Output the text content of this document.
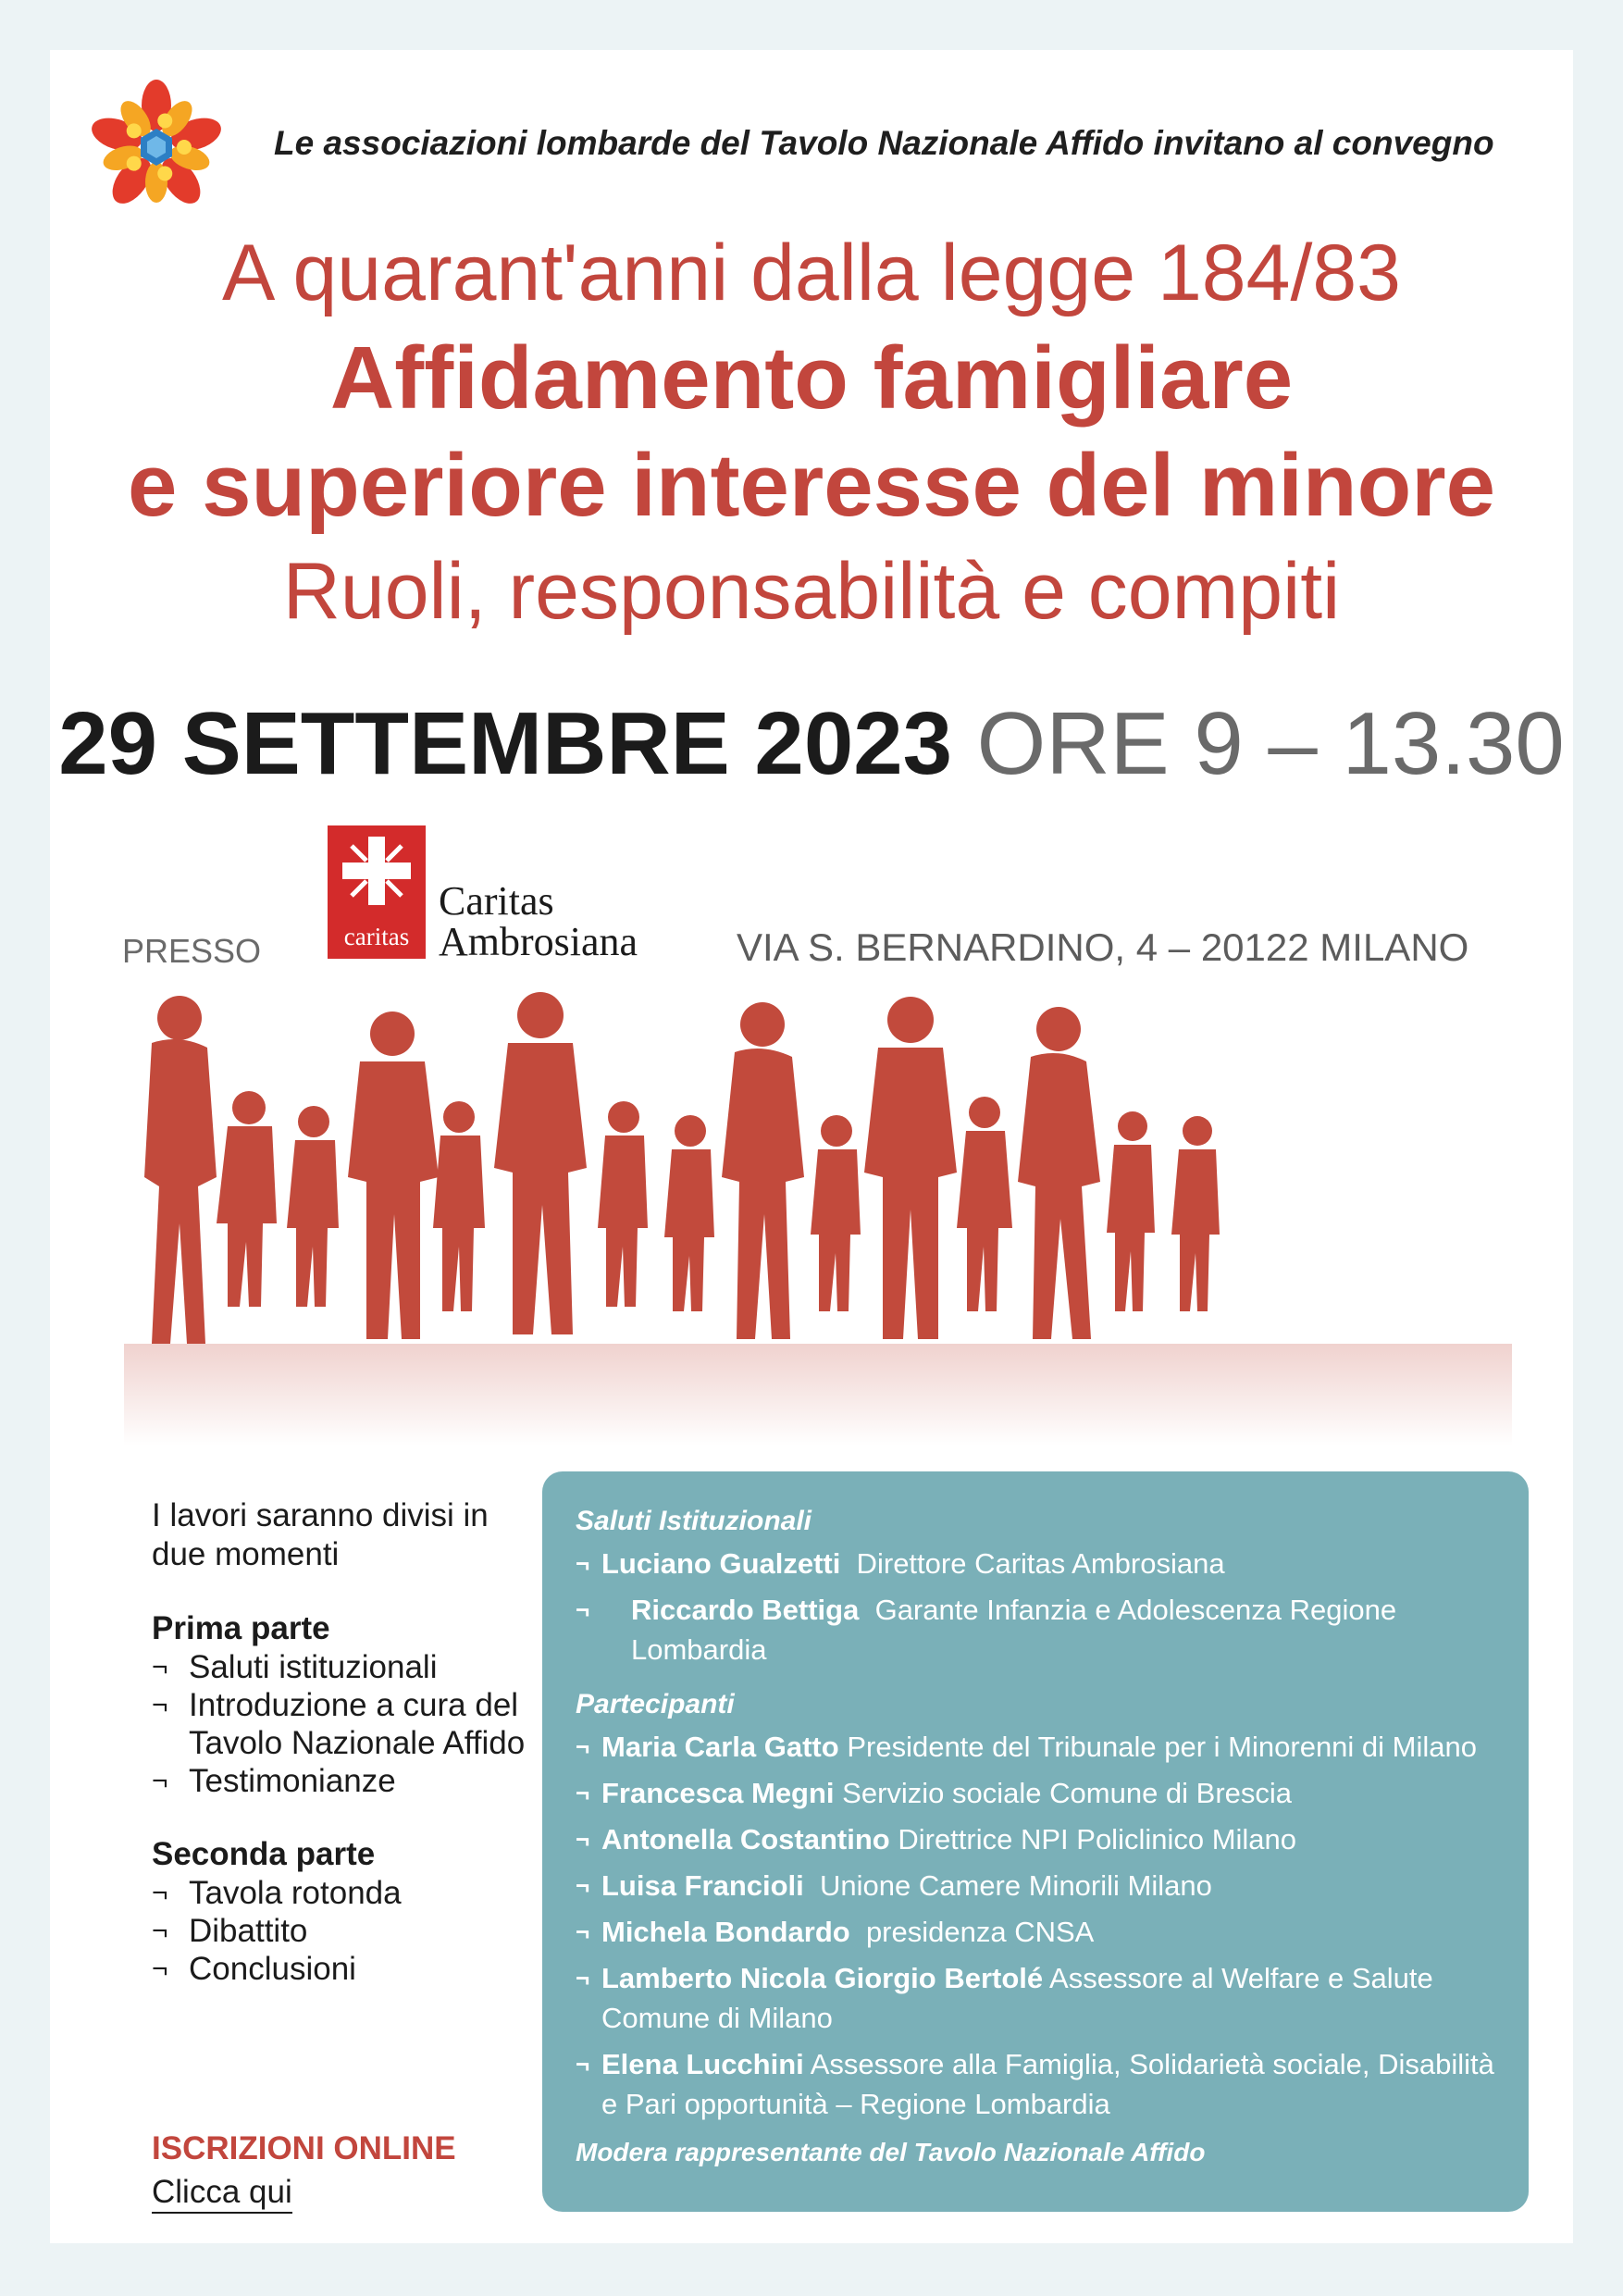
Le associazioni lombarde del Tavolo Nazionale Affido invitano al convegno
A quarant'anni dalla legge 184/83
Affidamento famigliare
e superiore interesse del minore
Ruoli, responsabilità e compiti
29 SETTEMBRE 2023 ORE 9 – 13.30
PRESSO	caritas
Caritas
Ambrosiana	VIA S. BERNARDINO, 4 – 20122 MILANO
I lavori saranno divisi in due momenti
Prima parte
¬ Saluti istituzionali
¬ Introduzione a cura del Tavolo Nazionale Affido
¬ Testimonianze
Seconda parte
¬ Tavola rotonda
¬ Dibattito
¬ Conclusioni
ISCRIZIONI ONLINE
Clicca qui
Saluti Istituzionali
¬ Luciano Gualzetti Direttore Caritas Ambrosiana
¬ Riccardo Bettiga Garante Infanzia e Adolescenza Regione Lombardia
Partecipanti
¬ Maria Carla Gatto Presidente del Tribunale per i Minorenni di Milano
¬ Francesca Megni Servizio sociale Comune di Brescia
¬ Antonella Costantino Direttrice NPI Policlinico Milano
¬ Luisa Francioli Unione Camere Minorili Milano
¬ Michela Bondardo presidenza CNSA
¬ Lamberto Nicola Giorgio Bertolé Assessore al Welfare e Salute Comune di Milano
¬ Elena Lucchini Assessore alla Famiglia, Solidarietà sociale, Disabilità e Pari opportunità – Regione Lombardia
Modera rappresentante del Tavolo Nazionale Affido
